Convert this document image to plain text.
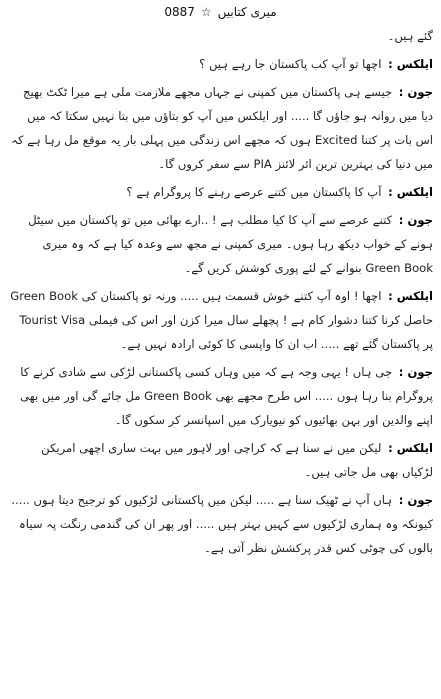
میری کتابیں
☆
0887

گئے ہیں۔

ایلکس : اچھا تو آپ کب پاکستان جا رہے ہیں ؟

جون : جیسے ہی پاکستان میں کمپنی نے جہاں مجھے ملازمت ملی ہے میرا ٹکٹ بھیج دیا میں روانہ ہو جاؤں گا ..... اور ایلکس میں آپ کو بتاؤں میں بتا نہیں سکتا کہ میں اس بات پر کتنا Excited ہوں کہ مجھے اس زندگی میں پہلی بار یہ موقع مل رہا ہے کہ میں دنیا کی بہترین ترین ائر لائنز PIA سے سفر کروں گا۔

ایلکس : آپ کا پاکستان میں کتنے عرصے رہنے کا پروگرام ہے ؟

جون : کتنے عرصے سے آپ کا کیا مطلب ہے ! ..ارے بھائی میں تو پاکستان میں سیٹل ہونے کے خواب دیکھ رہا ہوں۔ میری کمپنی نے مجھ سے وعدہ کیا ہے کہ وہ میری Green Book بنوانے کے لئے پوری کوشش کریں گے۔

ایلکس : اچھا ! اوہ آپ کتنے خوش قسمت ہیں ..... ورنہ تو پاکستان کی Green Book حاصل کرنا کتنا دشوار کام ہے ! پچھلے سال میرا کزن اور اس کی فیملی Tourist Visa پر پاکستان گئے تھے ..... اب ان کا واپسی کا کوئی ارادہ نہیں ہے۔

جون : جی ہاں ! یہی وجہ ہے کہ میں وہاں کسی پاکستانی لڑکی سے شادی کرنے کا پروگرام بنا رہا ہوں ..... اس طرح مجھے بھی Green Book مل جائے گی اور میں بھی اپنے والدین اور بہن بھائیوں کو نیویارک میں اسپانسر کر سکوں گا۔

ایلکس : لیکن میں نے سنا ہے کہ کراچی اور لاہور میں بہت ساری اچھی امریکن لڑکیاں بھی مل جاتی ہیں۔

جون : ہاں آپ نے ٹھیک سنا ہے ..... لیکن میں پاکستانی لڑکیوں کو ترجیح دیتا ہوں ..... کیونکہ وہ ہماری لڑکیوں سے کہیں بہتر ہیں ..... اور پھر ان کی گندمی رنگت پہ سیاہ بالوں کی چوٹی کس قدر پرکشش نظر آتی ہے۔
